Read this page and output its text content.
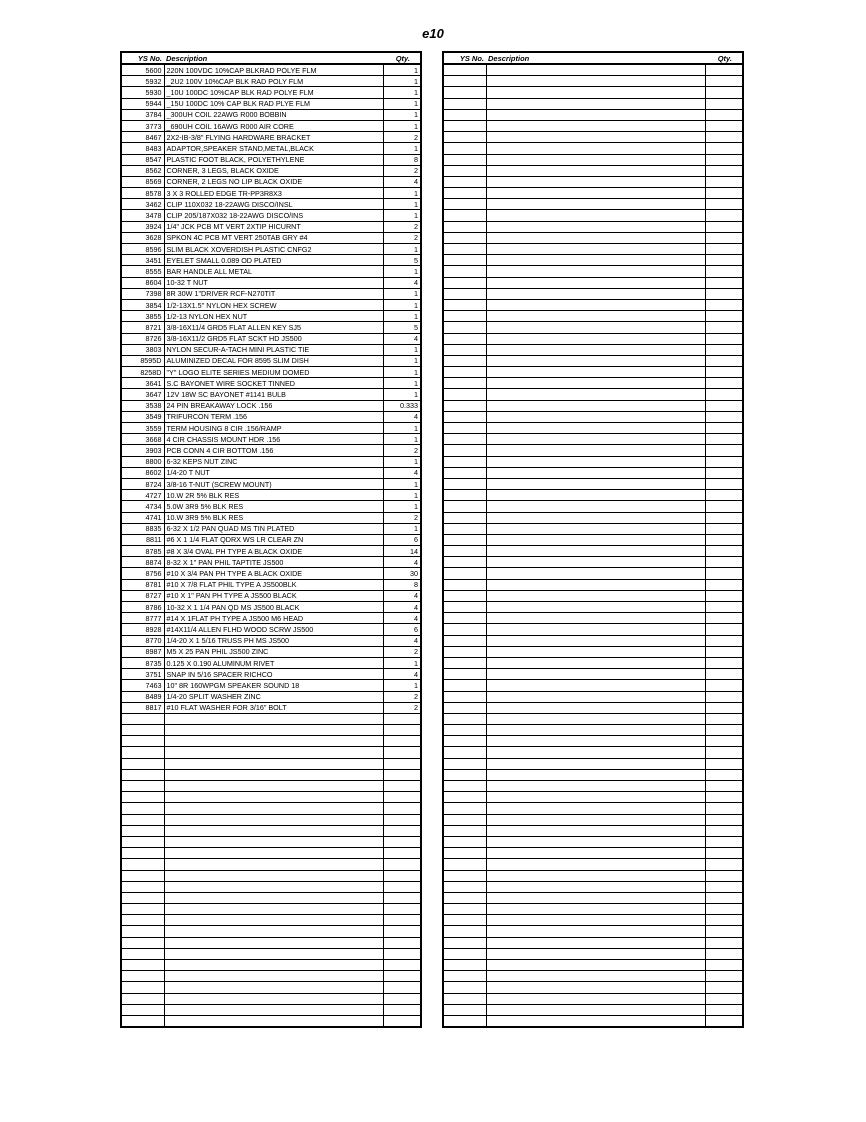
e10
YS No.	Description	Qty.
5600	220N 100VDC 10%CAP BLKRAD POLYE FLM	1
5932	_2U2 100V 10%CAP BLK RAD POLY FLM	1
5930	_10U 100DC 10%CAP BLK RAD POLYE FLM	1
5944	_15U 100DC 10% CAP BLK RAD PLYE FLM	1
3784	_300UH COIL 22AWG R000 BOBBIN	1
3773	_690UH COIL 16AWG R000 AIR CORE	1
8467	2X2-IB-3/8" FLYING HARDWARE BRACKET	2
8483	ADAPTOR,SPEAKER STAND,METAL,BLACK	1
8547	PLASTIC FOOT BLACK, POLYETHYLENE	8
8562	CORNER, 3 LEGS, BLACK OXIDE	2
8569	CORNER, 2 LEGS NO LIP BLACK OXIDE	4
8578	3 X 3 ROLLED EDGE TR-PP3R8X3	1
3462	CLIP 110X032 18-22AWG DISCO/INSL	1
3478	CLIP 205/187X032 18-22AWG DISCO/INS	1
3924	1/4" JCK PCB MT VERT 2XTIP HICURNT	2
3628	SPKON 4C PCB MT VERT 250TAB GRY #4	2
8596	SLIM BLACK XOVERDISH PLASTIC CNFG2	1
3451	EYELET SMALL 0.089 OD PLATED	5
8555	BAR HANDLE ALL METAL	1
8604	10-32 T NUT	4
7398	8R 30W 1"DRIVER RCF-N270TIT	1
3854	1/2-13X1.5" NYLON HEX SCREW	1
3855	1/2-13 NYLON HEX NUT	1
8721	3/8-16X11/4 GRD5 FLAT ALLEN KEY SJ5	5
8726	3/8-16X11/2 GRD5 FLAT SCKT HD JS500	4
3803	NYLON SECUR-A-TACH MINI PLASTIC TIE	1
8595D	ALUMINIZED DECAL FOR 8595 SLIM DISH	1
8258D	"Y" LOGO ELITE SERIES MEDIUM DOMED	1
3641	S.C BAYONET WIRE SOCKET TINNED	1
3647	12V 18W SC BAYONET #1141 BULB	1
3538	24 PIN BREAKAWAY LOCK .156	0.333
3549	TRIFURCON TERM .156	4
3559	TERM HOUSING 8 CIR .156/RAMP	1
3668	4 CIR CHASSIS MOUNT HDR .156	1
3903	PCB CONN 4 CIR BOTTOM .156	2
8800	6-32 KEPS NUT ZINC	1
8602	1/4-20 T NUT	4
8724	3/8-16 T-NUT (SCREW MOUNT)	1
4727	10.W 2R 5% BLK RES	1
4734	5.0W 3R9 5% BLK RES	1
4741	10.W 3R9 5% BLK RES	2
8835	6-32 X 1/2 PAN QUAD MS TIN PLATED	1
8811	#6 X 1 1/4 FLAT QDRX WS LR CLEAR ZN	6
8785	#8 X 3/4 OVAL PH TYPE A BLACK OXIDE	14
8874	8-32 X 1" PAN PHIL TAPTITE JS500	4
8756	#10 X 3/4 PAN PH TYPE A BLACK OXIDE	30
8781	#10 X 7/8 FLAT PHIL TYPE A JS500BLK	8
8727	#10 X 1" PAN PH TYPE A JS500 BLACK	4
8786	10-32 X 1 1/4 PAN QD MS JS500 BLACK	4
8777	#14 X 1FLAT PH TYPE A JS500 M6 HEAD	4
8928	#14X11/4 ALLEN FLHD WOOD SCRW JS500	6
8770	1/4-20 X 1 5/16 TRUSS PH MS JS500	4
8987	M5 X 25 PAN PHIL JS500 ZINC	2
8735	0.125 X 0.190 ALUMINUM RIVET	1
3751	SNAP IN 5/16 SPACER RICHCO	4
7463	10" 8R 160WPGM SPEAKER SOUND 18	1
8489	1/4-20 SPLIT WASHER ZINC	2
8817	#10 FLAT WASHER FOR 3/16" BOLT	2

YS No.	Description	Qty.
